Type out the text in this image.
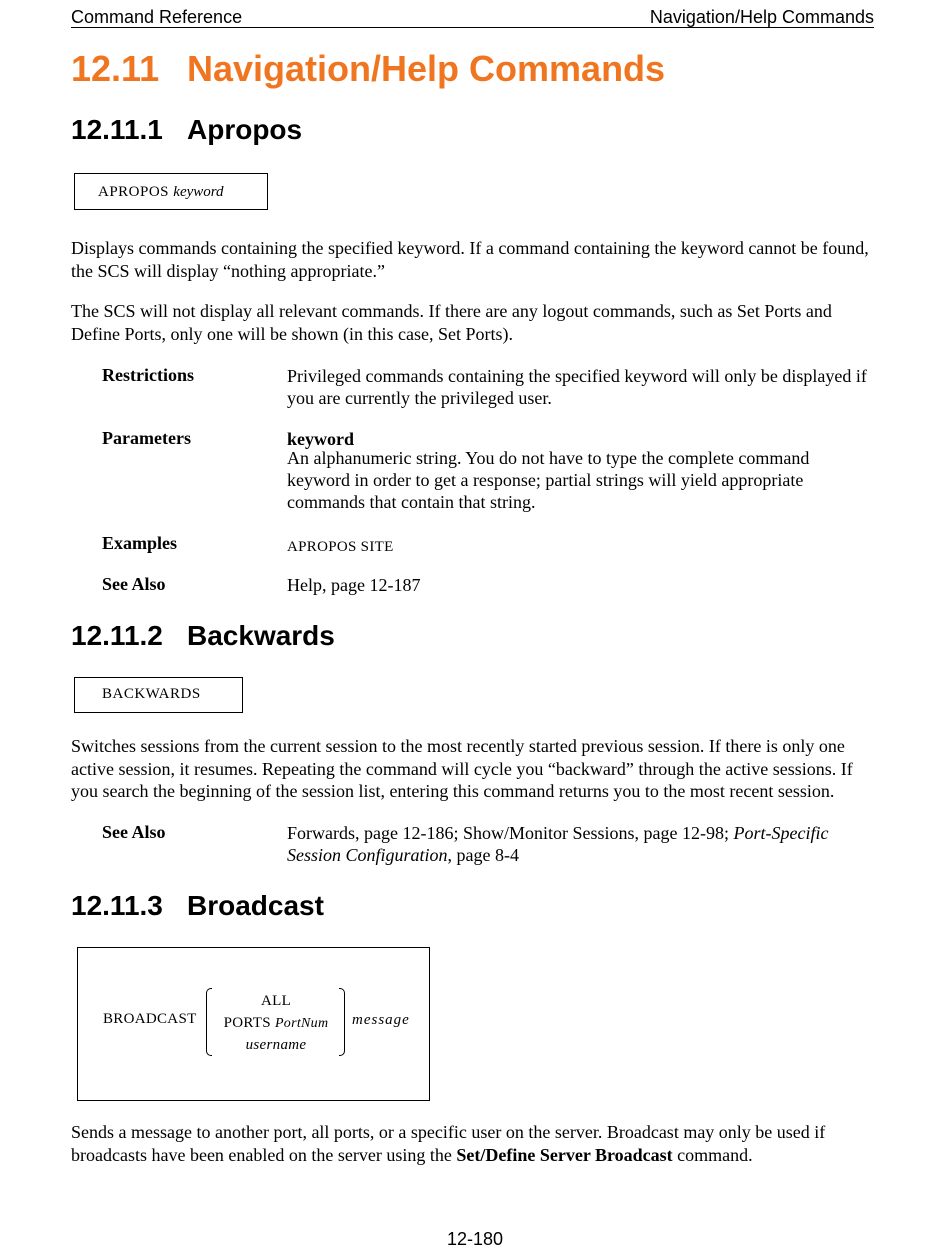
Command Reference	Navigation/Help Commands
12.11 Navigation/Help Commands
12.11.1 Apropos
APROPOS keyword

Displays commands containing the specified keyword. If a command containing the keyword cannot be found, the SCS will display “nothing appropriate.”

The SCS will not display all relevant commands. If there are any logout commands, such as Set Ports and Define Ports, only one will be shown (in this case, Set Ports).

Restrictions	Privileged commands containing the specified keyword will only be displayed if you are currently the privileged user.

Parameters	keyword

An alphanumeric string. You do not have to type the complete command keyword in order to get a response; partial strings will yield appropriate commands that contain that string.

Examples	APROPOS SITE
See Also	Help, page 12-187
12.11.2 Backwards
BACKWARDS

Switches sessions from the current session to the most recently started previous session. If there is only one active session, it resumes. Repeating the command will cycle you “backward” through the active sessions. If you search the beginning of the session list, entering this command returns you to the most recent session.

See Also	Forwards, page 12-186; Show/Monitor Sessions, page 12-98; Port-Specific Session Configuration, page 8-4

12.11.3 Broadcast
BROADCAST
ALL
PORTS PortNum
username
message

Sends a message to another port, all ports, or a specific user on the server. Broadcast may only be used if broadcasts have been enabled on the server using the Set/Define Server Broadcast command.

12-180
